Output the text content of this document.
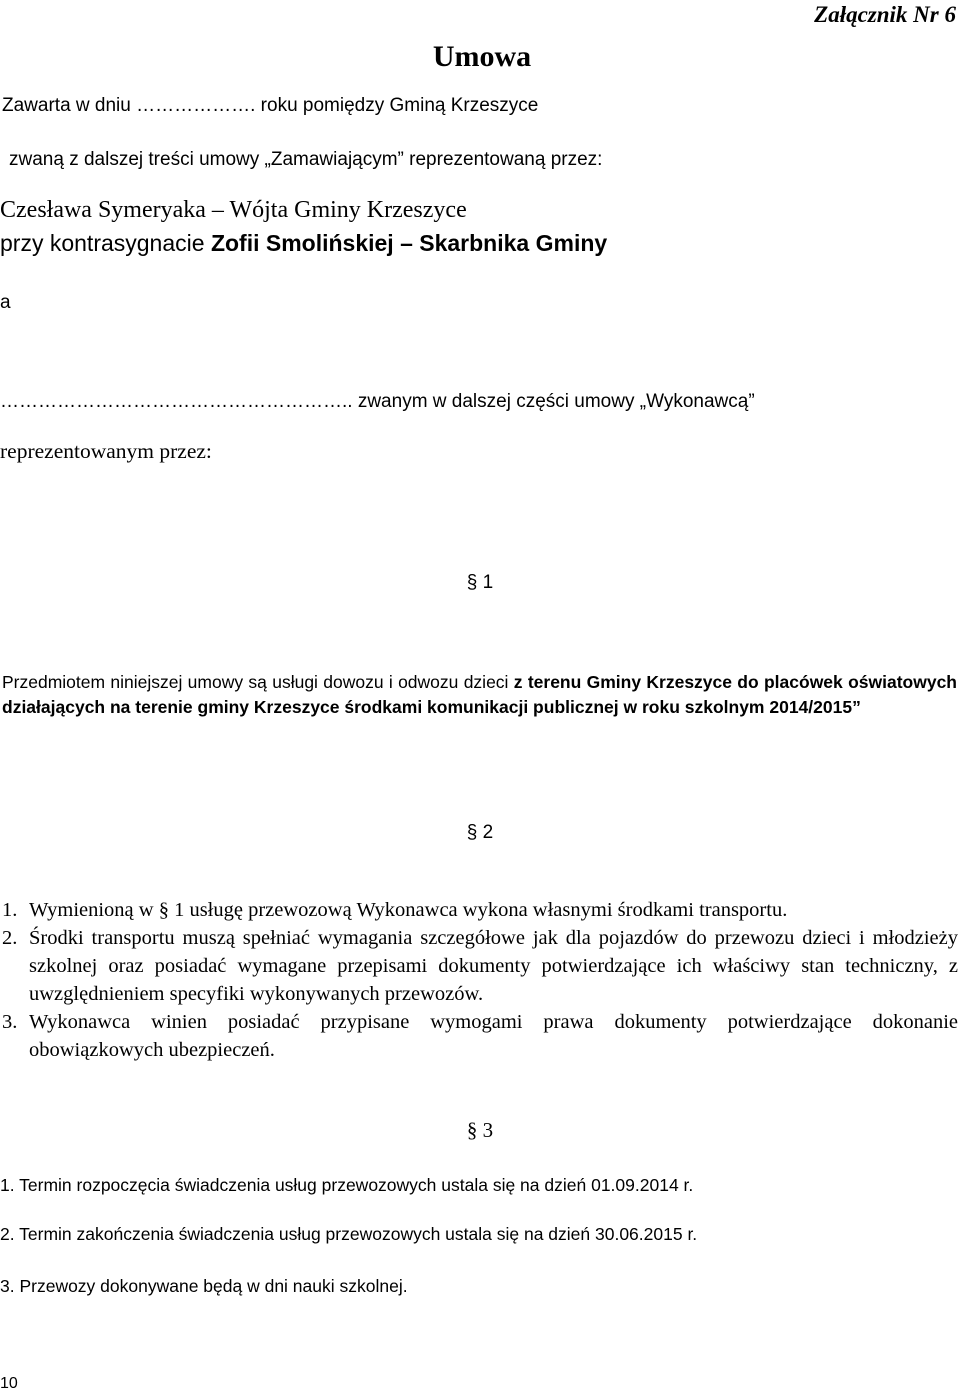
Załącznik Nr 6
Umowa
Zawarta w dniu ………………. roku pomiędzy Gminą Krzeszyce
zwaną z dalszej treści umowy „Zamawiającym” reprezentowaną przez:
Czesława Symeryaka – Wójta Gminy Krzeszyce
przy kontrasygnacie Zofii Smolińskiej – Skarbnika Gminy
a
……………………………………………….. zwanym w dalszej części umowy „Wykonawcą”
reprezentowanym przez:
§ 1
Przedmiotem niniejszej umowy są usługi dowozu i odwozu dzieci z terenu Gminy Krzeszyce do placówek oświatowych działających na terenie gminy Krzeszyce środkami komunikacji publicznej w roku szkolnym 2014/2015”
§ 2
1. Wymienioną w § 1 usługę przewozową Wykonawca wykona własnymi środkami transportu.
2. Środki transportu muszą spełniać wymagania szczegółowe jak dla pojazdów do przewozu dzieci i młodzieży szkolnej oraz posiadać wymagane przepisami dokumenty potwierdzające ich właściwy stan techniczny, z uwzględnieniem specyfiki wykonywanych przewozów.
3. Wykonawca winien posiadać przypisane wymogami prawa dokumenty potwierdzające dokonanie obowiązkowych ubezpieczeń.
§ 3
1. Termin rozpoczęcia świadczenia usług przewozowych ustala się na dzień 01.09.2014 r.
2. Termin zakończenia świadczenia usług przewozowych ustala się na dzień 30.06.2015 r.
3. Przewozy dokonywane będą w dni nauki szkolnej.
10
